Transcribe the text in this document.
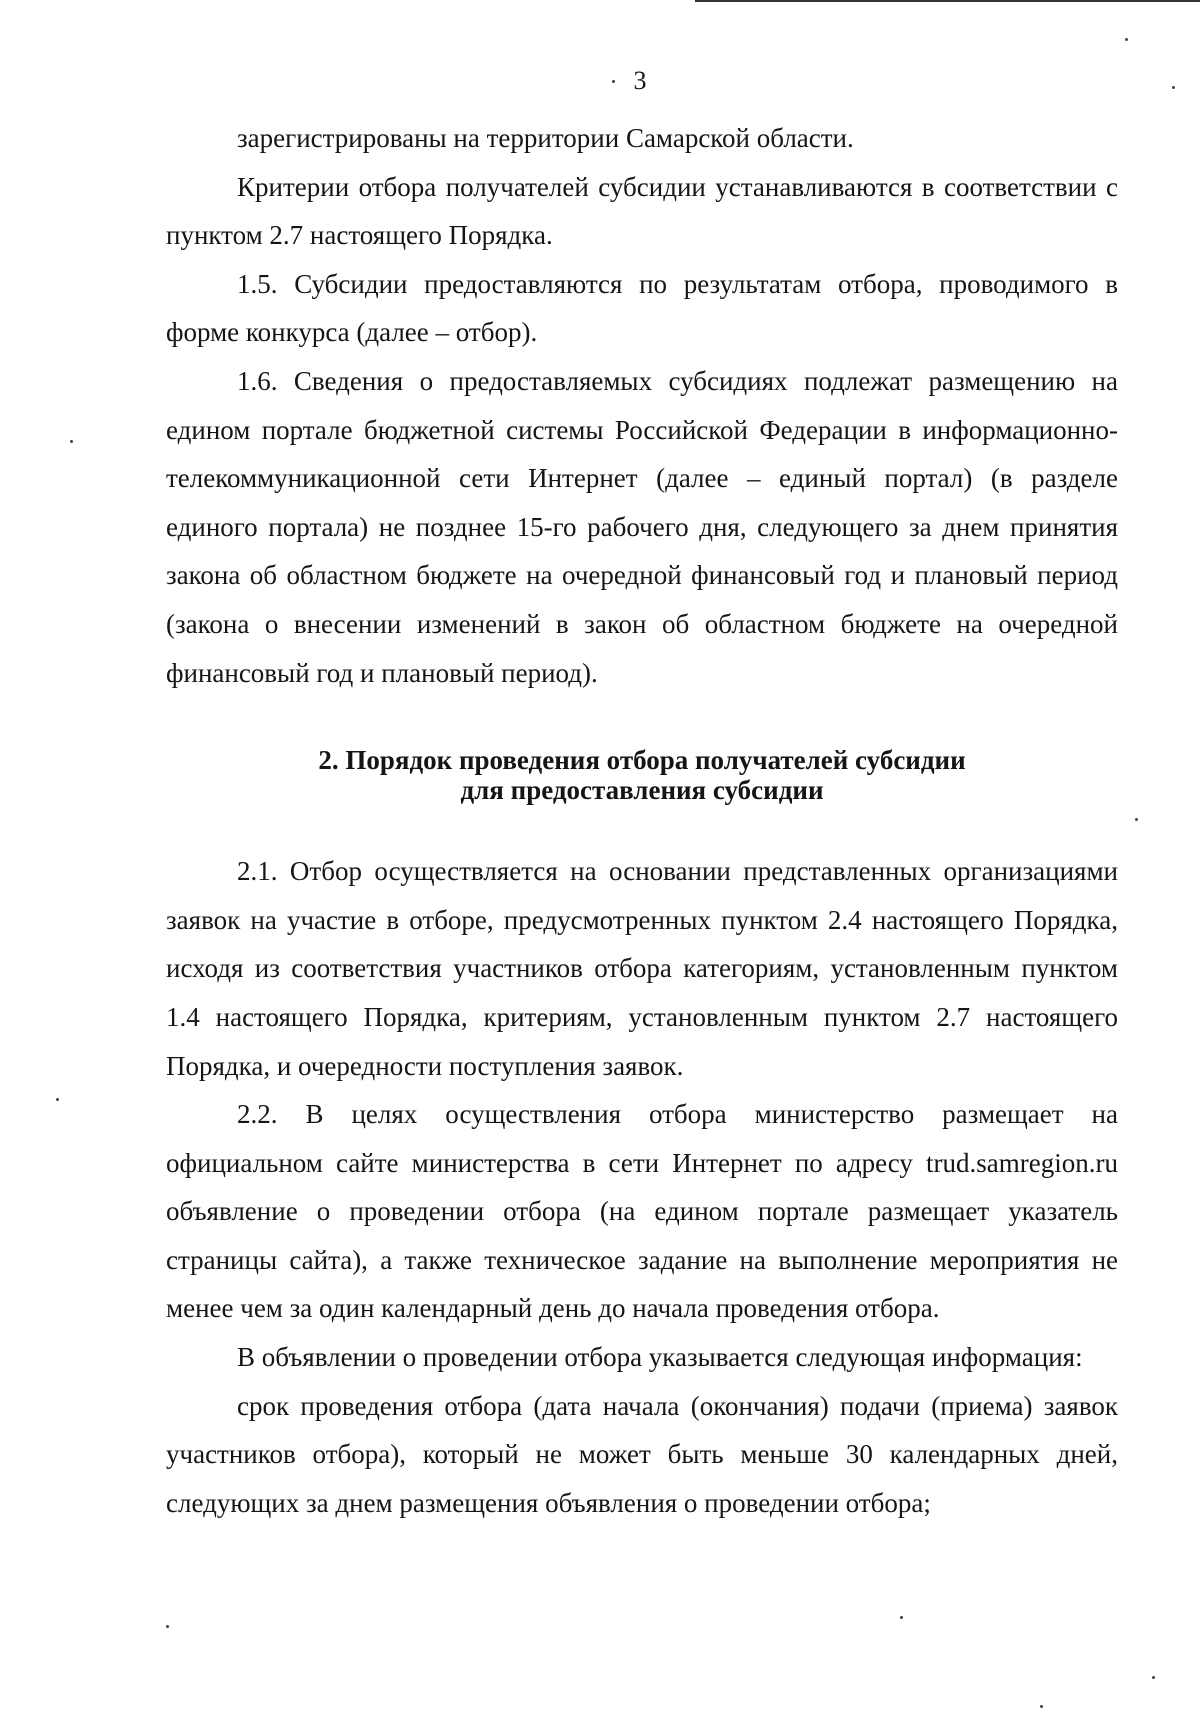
3

зарегистрированы на территории Самарской области.

Критерии отбора получателей субсидии устанавливаются в соответствии с пунктом 2.7 настоящего Порядка.

1.5. Субсидии предоставляются по результатам отбора, проводимого в форме конкурса (далее – отбор).

1.6. Сведения о предоставляемых субсидиях подлежат размещению на едином портале бюджетной системы Российской Федерации в информационно-телекоммуникационной сети Интернет (далее – единый портал) (в разделе единого портала) не позднее 15-го рабочего дня, следующего за днем принятия закона об областном бюджете на очередной финансовый год и плановый период (закона о внесении изменений в закон об областном бюджете на очередной финансовый год и плановый период).

2. Порядок проведения отбора получателей субсидии
для предоставления субсидии

2.1. Отбор осуществляется на основании представленных организациями заявок на участие в отборе, предусмотренных пунктом 2.4 настоящего Порядка, исходя из соответствия участников отбора категориям, установленным пунктом 1.4 настоящего Порядка, критериям, установленным пунктом 2.7 настоящего Порядка, и очередности поступления заявок.

2.2. В целях осуществления отбора министерство размещает на официальном сайте министерства в сети Интернет по адресу trud.samregion.ru объявление о проведении отбора (на едином портале размещает указатель страницы сайта), а также техническое задание на выполнение мероприятия не менее чем за один календарный день до начала проведения отбора.

В объявлении о проведении отбора указывается следующая информация:

срок проведения отбора (дата начала (окончания) подачи (приема) заявок участников отбора), который не может быть меньше 30 календарных дней, следующих за днем размещения объявления о проведении отбора;
